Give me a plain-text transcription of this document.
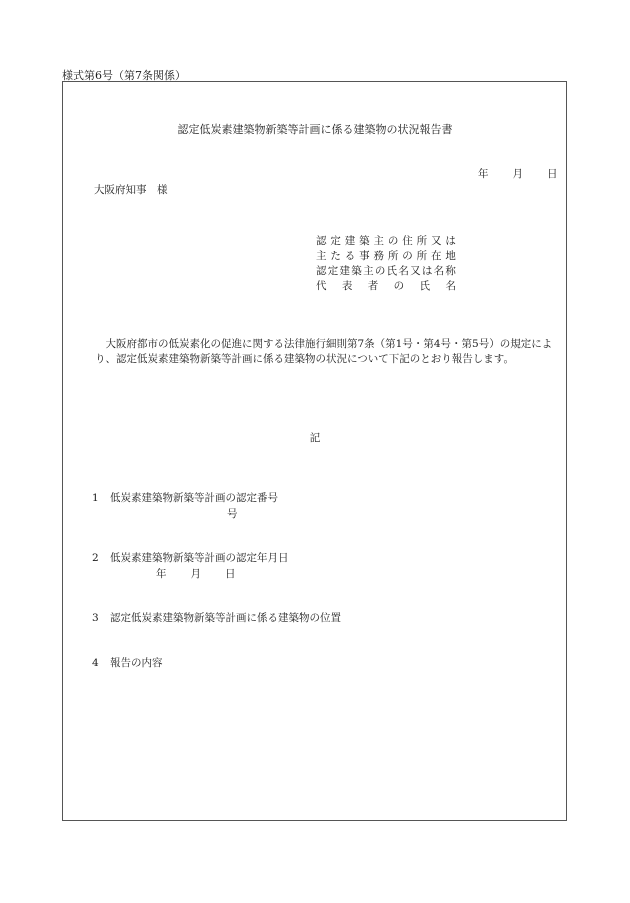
様式第6号（第7条関係）
認定低炭素建築物新築等計画に係る建築物の状況報告書
年 月 日
大阪府知事　様
認 定 建 築 主 の 住 所 又 は
主 た る 事 務 所 の 所 在 地
認 定 建 築 主 の 氏 名 又 は 名 称
代 表 者 の 氏 名
大阪府都市の低炭素化の促進に関する法律施行細則第7条（第1号・第4号・第5号）の規定により、認定低炭素建築物新築等計画に係る建築物の状況について下記のとおり報告します。
記
1 低炭素建築物新築等計画の認定番号
号
2 低炭素建築物新築等計画の認定年月日
年 月 日
3 認定低炭素建築物新築等計画に係る建築物の位置
4 報告の内容
